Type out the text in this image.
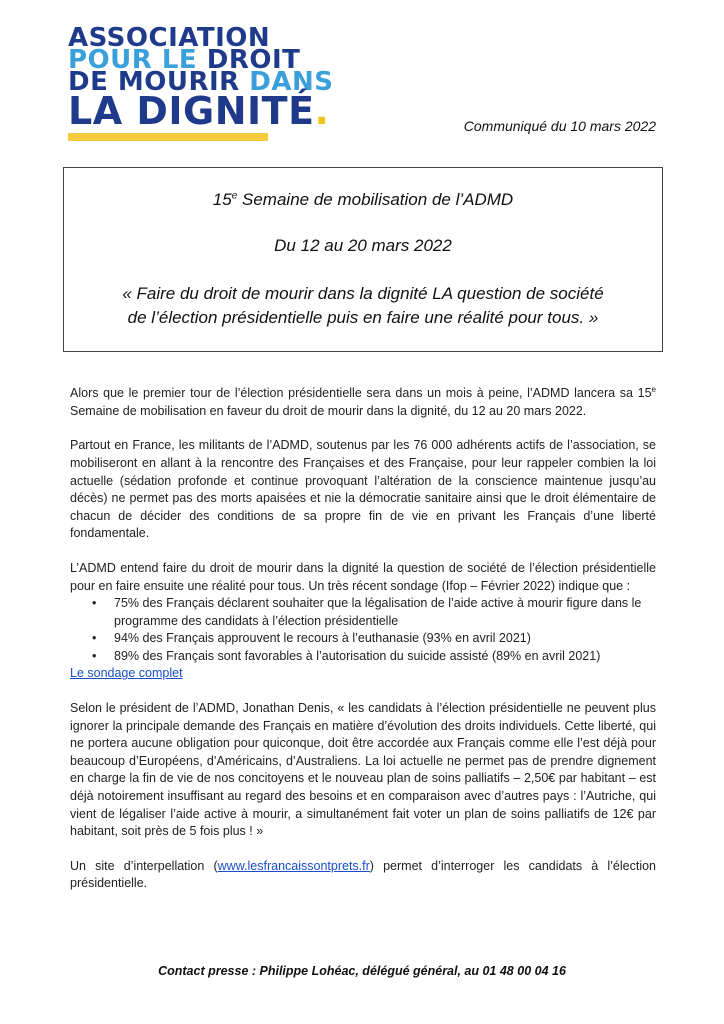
ASSOCIATION
POUR LE DROIT
DE MOURIR DANS
LA DIGNITÉ.	Communiqué du 10 mars 2022
15e Semaine de mobilisation de l’ADMD
Du 12 au 20 mars 2022
« Faire du droit de mourir dans la dignité LA question de société
de l’élection présidentielle puis en faire une réalité pour tous. »

Alors que le premier tour de l’élection présidentielle sera dans un mois à peine, l’ADMD lancera sa 15e Semaine de mobilisation en faveur du droit de mourir dans la dignité, du 12 au 20 mars 2022.

Partout en France, les militants de l’ADMD, soutenus par les 76 000 adhérents actifs de l’association, se mobiliseront en allant à la rencontre des Françaises et des Française, pour leur rappeler combien la loi actuelle (sédation profonde et continue provoquant l’altération de la conscience maintenue jusqu’au décès) ne permet pas des morts apaisées et nie la démocratie sanitaire ainsi que le droit élémentaire de chacun de décider des conditions de sa propre fin de vie en privant les Français d’une liberté fondamentale.

L’ADMD entend faire du droit de mourir dans la dignité la question de société de l’élection présidentielle pour en faire ensuite une réalité pour tous. Un très récent sondage (Ifop – Février 2022) indique que :

• 75% des Français déclarent souhaiter que la légalisation de l’aide active à mourir figure dans le programme des candidats à l’élection présidentielle
• 94% des Français approuvent le recours à l’euthanasie (93% en avril 2021)
• 89% des Français sont favorables à l’autorisation du suicide assisté (89% en avril 2021)
Le sondage complet

Selon le président de l’ADMD, Jonathan Denis, « les candidats à l’élection présidentielle ne peuvent plus ignorer la principale demande des Français en matière d’évolution des droits individuels. Cette liberté, qui ne portera aucune obligation pour quiconque, doit être accordée aux Français comme elle l’est déjà pour beaucoup d’Européens, d’Américains, d’Australiens. La loi actuelle ne permet pas de prendre dignement en charge la fin de vie de nos concitoyens et le nouveau plan de soins palliatifs – 2,50€ par habitant – est déjà notoirement insuffisant au regard des besoins et en comparaison avec d’autres pays : l’Autriche, qui vient de légaliser l’aide active à mourir, a simultanément fait voter un plan de soins palliatifs de 12€ par habitant, soit près de 5 fois plus ! »

Un site d’interpellation (www.lesfrancaissontprets.fr) permet d’interroger les candidats à l’élection présidentielle.

Contact presse : Philippe Lohéac, délégué général, au 01 48 00 04 16
